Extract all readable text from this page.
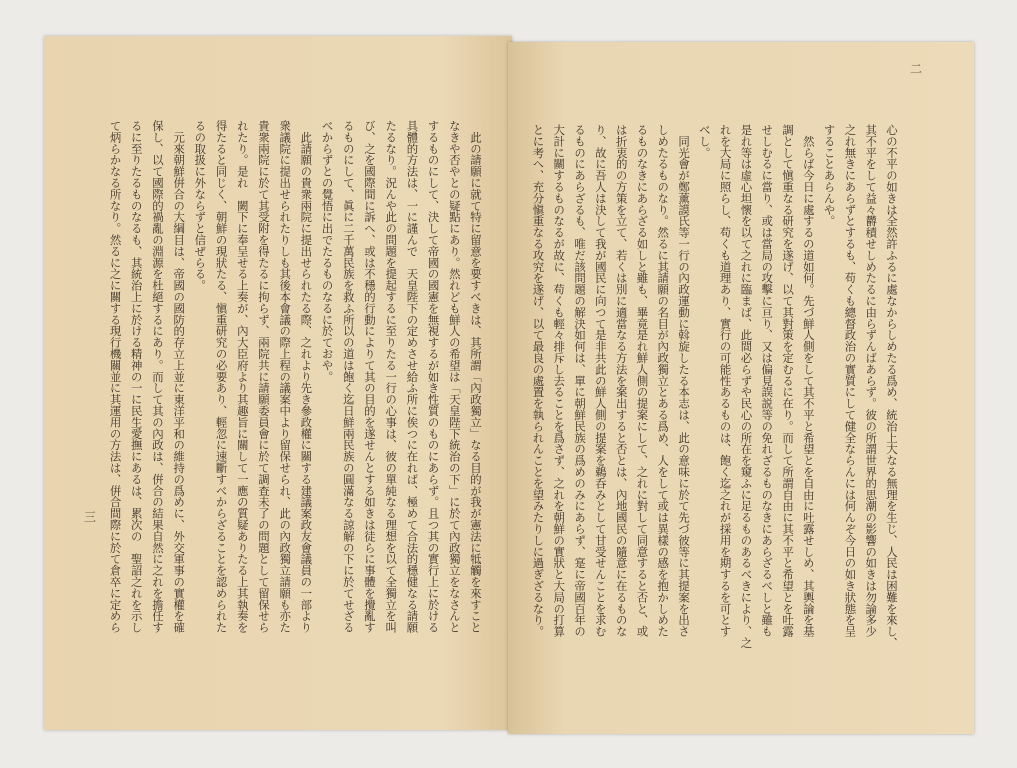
三	　此の請願に就て特に留意を要すべきは、其所謂「內政獨立」なる目的が我が憲法に牴觸を來すこと
なきや否やとの疑點にあり。然れども鮮人の希望は「天皇陛下統治の下」に於て內政獨立をなさんと
するものにして、決して帝國の國憲を無視するが如き性質のものにあらず。且つ其の實行上に於ける
具體的方法は、一に謹んで　天皇陛下の定めさせ給ふ所に俟つに在れば、極めて合法的穩健なる請願
たるなり。況んや此の問題を提起するに至りたる一行の心事は、彼の單純なる理想を以て全獨立を叫
び、之を國際間に訴へ、或は不穩的行動によりて其の目的を遂せんとする如きは徒らに事體を攪亂す
るものにして、眞に二千萬民族を救ふ所以の道は飽く迄日鮮兩民族の圓滿なる諒解の下に於てせざる
べからずとの覺悟に出でたるものなるに於ておや。
　此請願の貴衆兩院に提出せられたる際、之れより先き參政權に關する建議案政友會議員の一部より
衆議院に提出せられたりしも其後本會議の際上程の議案中より留保せられ、此の內政獨立請願も亦た
貴衆兩院に於て其受附を得たるに拘らず、兩院共に請願委員會に於て調查未了の問題として留保せら
れたり。是れ　闕下に奉呈せる上奏が、內大臣府より其趣旨に關して一應の質疑ありたる上其執奏を
得たると同じく、朝鮮の現狀たる、愼重研究の必要あり、輕忽に速斷すべからざることを認められた
るの取扱に外ならずと信ぜらる。
　元來朝鮮倂合の大綱目は、帝國の國防的存立上並に東洋平和の維持の爲めに、外交軍事の實權を確
保し、以て國際的禍亂の淵源を杜絕するにあり。而して其の內政は、倂合の結果自然に之れを擔任す
るに至りたるものなるも、其統治上に於ける精神の一に民生愛撫にあるは、累次の　聖詔之れを示し
て炳らかなる所なり。然るに之に關する現行機關並に其運用の方法は、倂合間際に於て倉卒に定めら
二
心の不平の如きは全然許ふるに處なからしめたる爲め、統治上大なる無理を生じ、人民は困難を來し、
其不平をして益々欝積せしめたるに由らずんばあらず。彼の所謂世界的思潮の影響の如きは勿論多少
之れ無きにあらずとするも、苟くも總督政治の實質にして健全ならんには何んぞ今日の如き狀態を呈
することあらんや。
　然らば今日に處するの道如何。先づ鮮人側をして其不平と希望とを自由に吐露せしめ、其輿論を基
調として愼重なる研究を遂げ、以て其對策を定むるに在り。而して所謂自由に其不平と希望とを吐露
せしむるに當り、或は當局の攻擊に亘り、又は偏見誤説等の免れざるものなきにあらざるべしと雖も
是れ等は虛心坦懷を以て之れに臨まば、此間必らずや民心の所在を窺ふに足るものあるべきにより、之
れを大局に照らし、苟くも道理あり、實行の可能性あるものは、飽く迄之れが採用を期するを可とす
べし。
　同光會が鄭薰謨氏等一行の內政運動に斡旋したる本志は、此の意味に於て先づ彼等に其提案を出さ
しめたるものなり。然るに其請願の名目が內政獨立とある爲め、人をして或は異樣の感を抱かしめた
るものなきにあらざる如しと雖も、畢竟是れ鮮人側の提案にして、之れに對して同意すると否と、或
は折衷的の方策を立て、若くは別に適當なる方法を案出すると否とは、內地國民の隨意に在るものな
り、故に吾人は決して我が國民に向つて是非共此の鮮人側の提案を鵜呑みとして甘受せんことを求む
るものにあらざるも、唯だ該問題の解決如何は、單に朝鮮民族の爲めのみにあらず、寔に帝國百年の
大計に關するものなるが故に、苟くも輕々排斥し去ることを爲さず、之れを朝鮮の實狀と大局の打算
とに考へ、充分愼重なる攻究を遂げ、以て最良の處置を執られんことを望みたりしに過ぎざるなり。
